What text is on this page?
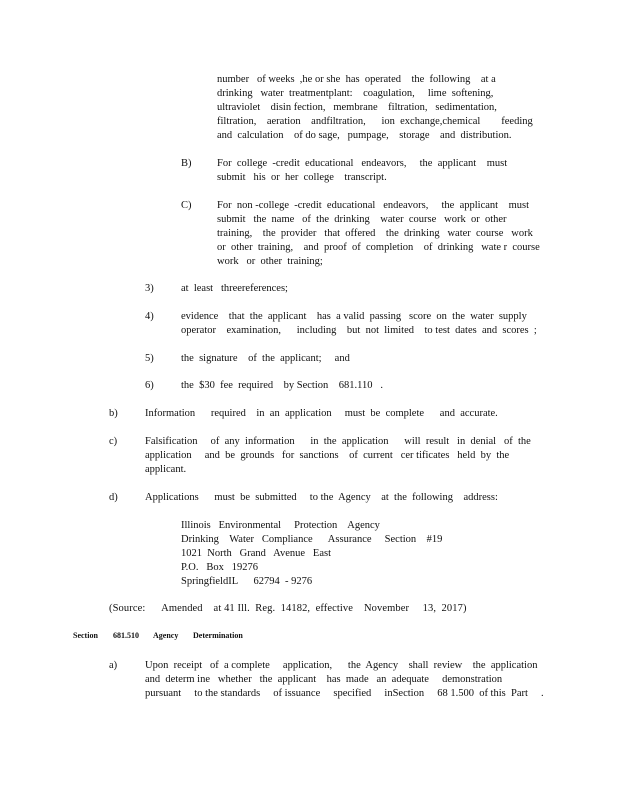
number   of weeks  ,he or she  has  operated    the  following    at a
drinking   water  treatmentplant:    coagulation,     lime  softening,
ultraviolet    disin fection,   membrane    filtration,   sedimentation,
filtration,    aeration    andfiltration,      ion  exchange,chemical        feeding
and  calculation    of do sage,   pumpage,    storage    and  distribution.
B) For  college  -credit  educational   endeavors,     the  applicant    must
submit   his  or  her  college    transcript.
C) For  non -college  -credit  educational   endeavors,     the  applicant    must
submit   the  name   of  the  drinking    water  course   work  or  other
training,    the  provider   that  offered    the  drinking   water  course   work
or  other  training,    and  proof  of  completion    of  drinking   wate r  course
work   or  other  training;
3)	at  least   threereferences;
4)	evidence    that  the  applicant    has  a valid  passing   score  on  the  water  supply
operator    examination,      including    but  not  limited    to test  dates  and  scores  ;
5)	the  signature    of  the  applicant;     and
6)	the  $30  fee  required    by Section    681.110   .
b)	Information      required    in  an  application     must  be  complete      and  accurate.
c)	Falsification     of  any  information      in  the  application      will  result   in  denial   of  the
application     and  be  grounds   for  sanctions    of  current   cer tificates   held  by  the
applicant.
d)	Applications      must  be  submitted     to the  Agency    at  the  following    address:
Illinois   Environmental     Protection    Agency
Drinking    Water   Compliance      Assurance     Section    #19
1021  North   Grand   Avenue   East
P.O.   Box   19276
SpringfieldIL      62794  - 9276
(Source:      Amended    at 41 Ill.  Reg.  14182,  effective    November     13,  2017)
Section 681.510 Agency Determination
a)	Upon  receipt   of  a complete     application,      the  Agency    shall  review    the  application
and  determ ine   whether   the  applicant    has  made   an  adequate     demonstration
pursuant     to the standards     of issuance     specified     inSection     68 1.500  of this  Part     .
